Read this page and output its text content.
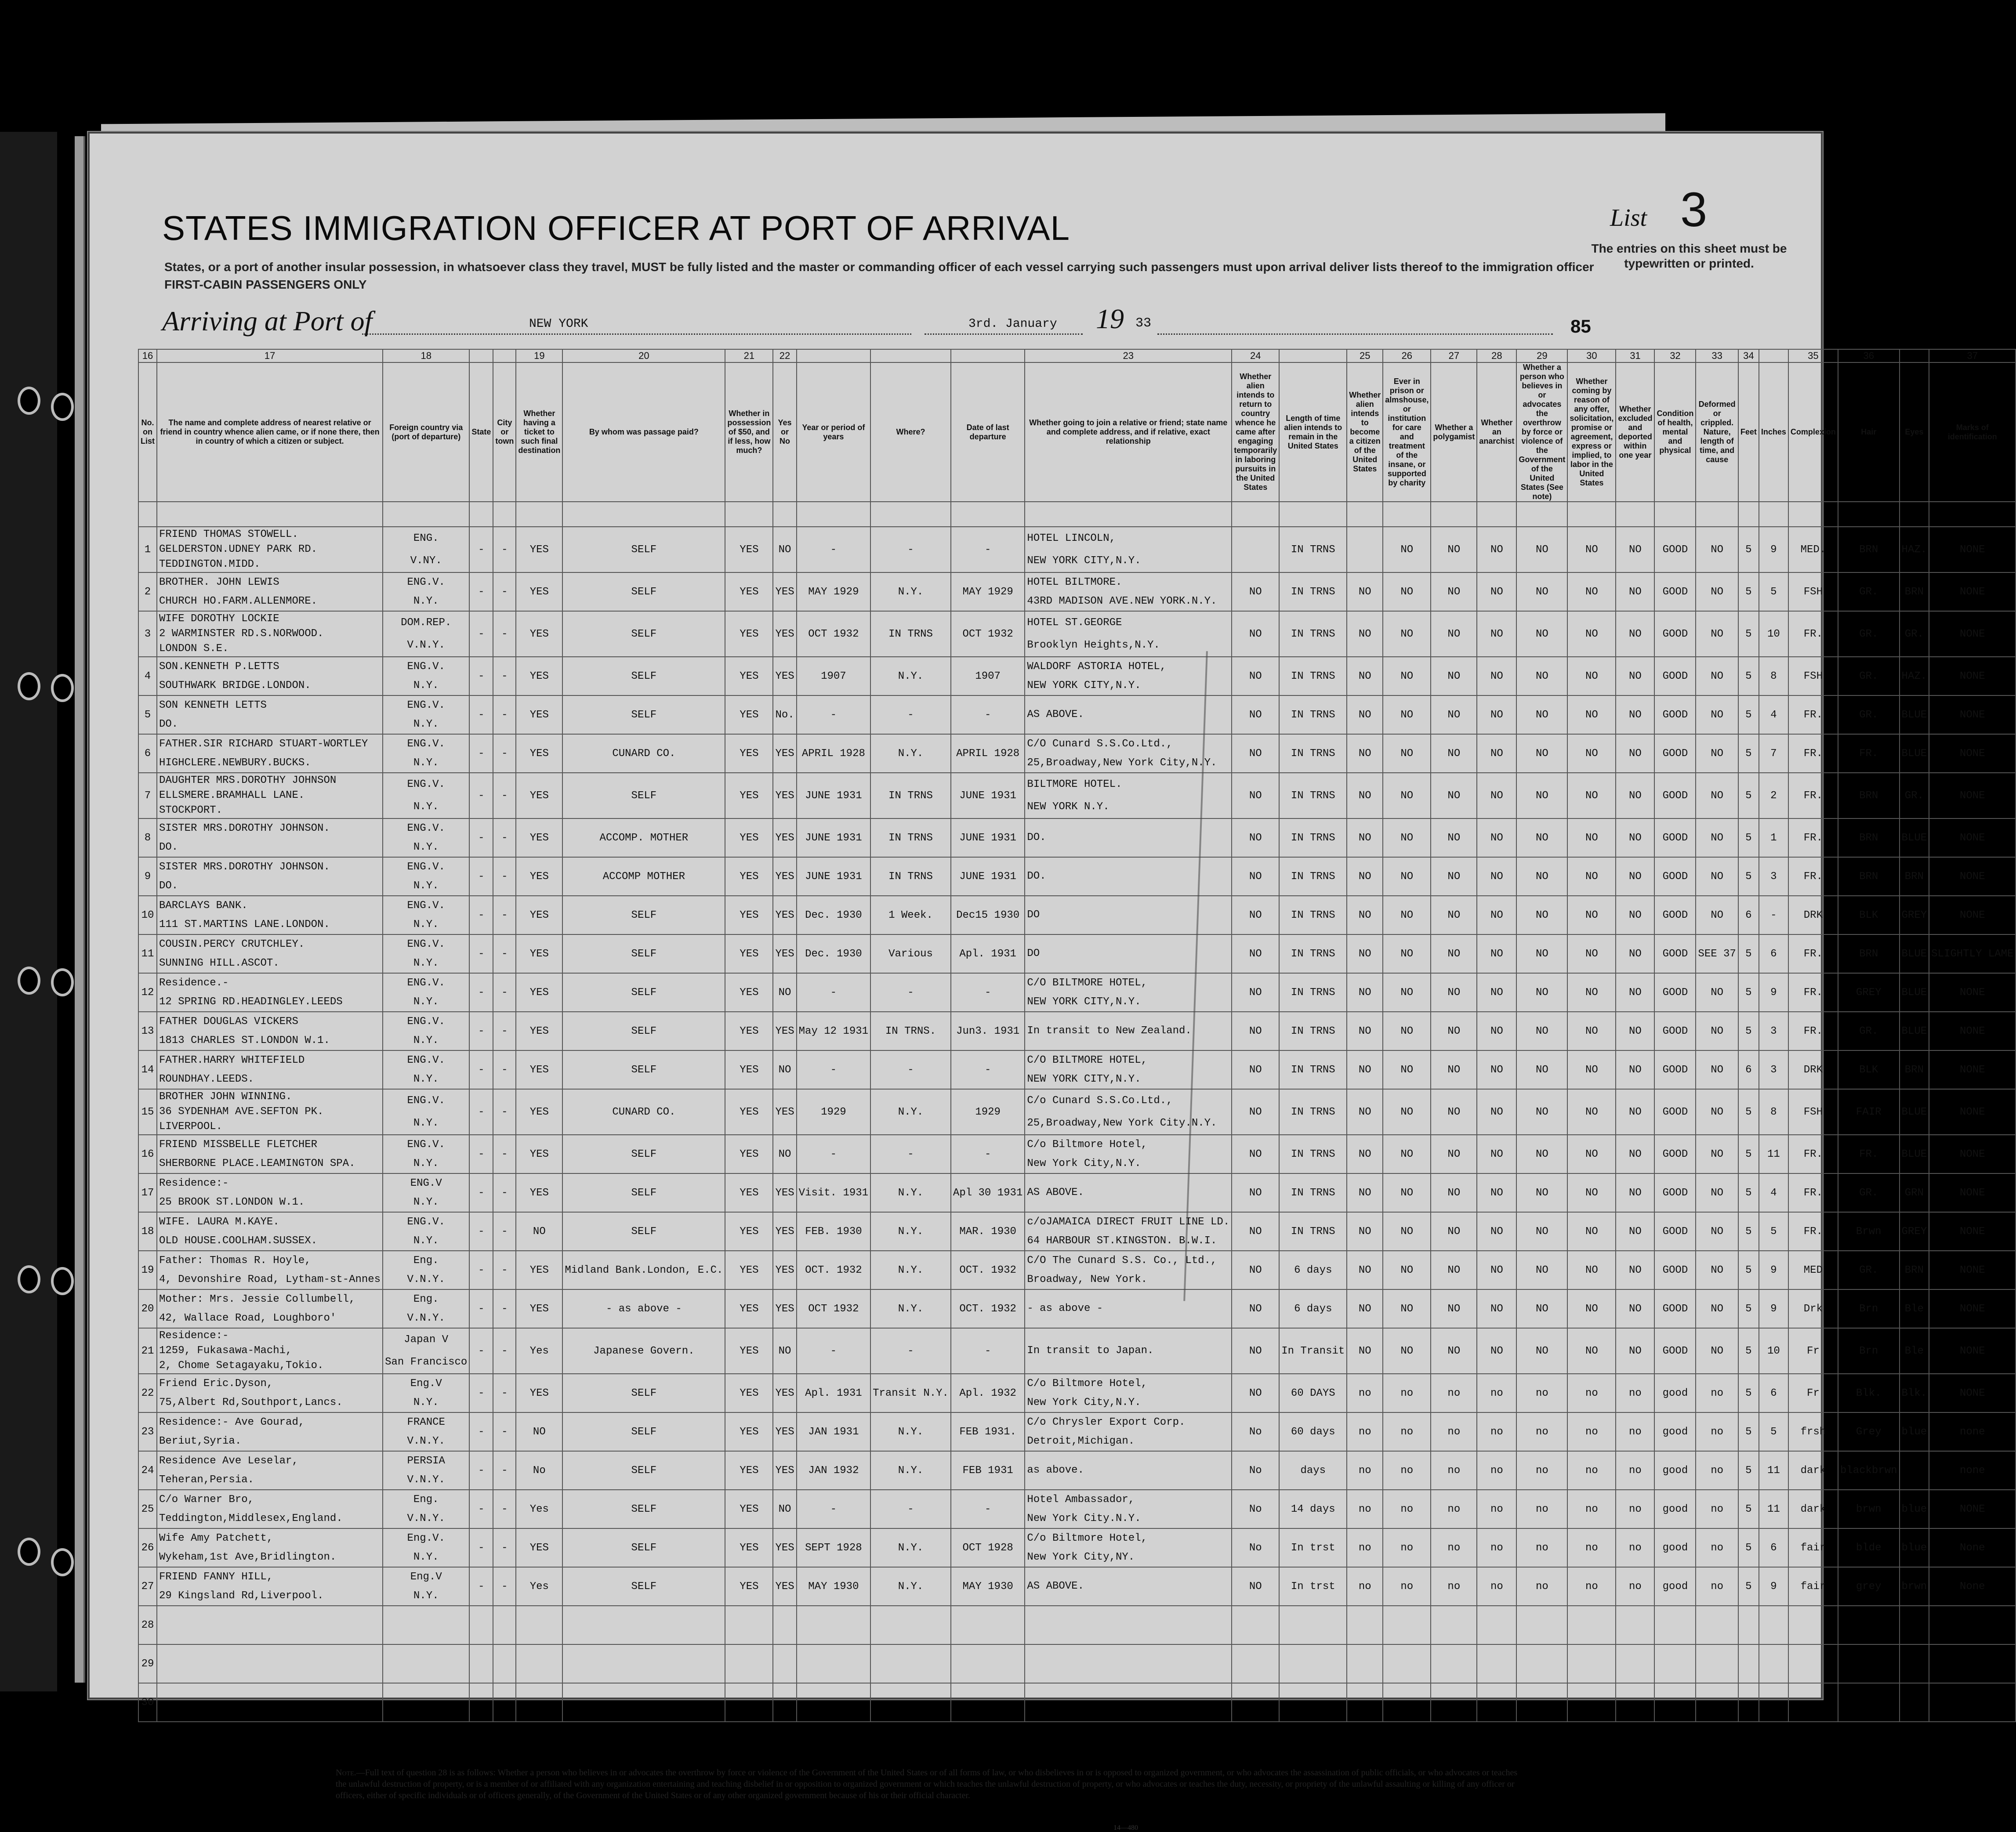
STATES IMMIGRATION OFFICER AT PORT OF ARRIVAL
States, or a port of another insular possession, in whatsoever class they travel, MUST be fully listed and the master or commanding officer of each vessel carrying such passengers must upon arrival deliver lists thereof to the immigration officer
FIRST-CABIN PASSENGERS ONLY
List 3
The entries on this sheet must be typewritten or printed.
Arriving at Port of	NEW YORK	3rd. January 19 33	85
16	17	18			19	20	21	22				23	24		25	26	27	28	29	30	31	32	33	34		35	36		37
No. on List	The name and complete address of nearest relative or friend in country whence alien came, or if none there, then in country of which a citizen or subject.	Foreign country via (port of departure)	State	City or town	Whether having a ticket to such final destination	By whom was passage paid?	Whether in possession of $50, and if less, how much?	Yes or No	Year or period of years	Where?	Date of last departure	Whether going to join a relative or friend; state name and complete address, and if relative, exact relationship	Whether alien intends to return to country whence he came after engaging temporarily in laboring pursuits in the United States	Length of time alien intends to remain in the United States	Whether alien intends to become a citizen of the United States	Ever in prison or almshouse, or institution for care and treatment of the insane, or supported by charity	Whether a polygamist	Whether an anarchist	Whether a person who believes in or advocates the overthrow by force or violence of the Government of the United States (See note)	Whether coming by reason of any offer, solicitation, promise or agreement, express or implied, to labor in the United States	Whether excluded and deported within one year	Condition of health, mental and physical	Deformed or crippled. Nature, length of time, and cause	Feet	Inches	Complexion	Hair	Eyes	Marks of identification

1	FRIEND THOMAS STOWELL.
GELDERSTON.UDNEY PARK RD.
TEDDINGTON.MIDD.	ENG.
V.NY.	-	-	YES	SELF	YES	NO	-	-	-	HOTEL LINCOLN,
NEW YORK CITY,N.Y.		IN TRNS		NO	NO	NO	NO	NO	NO	GOOD	NO	5	9	MED.	BRN	HAZ.	NONE
2	BROTHER. JOHN LEWIS
CHURCH HO.FARM.ALLENMORE.	ENG.V.
N.Y.	-	-	YES	SELF	YES	YES	MAY 1929	N.Y.	MAY 1929	HOTEL BILTMORE.
43RD MADISON AVE.NEW YORK.N.Y.	NO	IN TRNS	NO	NO	NO	NO	NO	NO	NO	GOOD	NO	5	5	FSH	GR.	BRN	NONE
3	WIFE DOROTHY LOCKIE
2 WARMINSTER RD.S.NORWOOD.
LONDON S.E.	DOM.REP.
V.N.Y.	-	-	YES	SELF	YES	YES	OCT 1932	IN TRNS	OCT 1932	HOTEL ST.GEORGE
Brooklyn Heights,N.Y.	NO	IN TRNS	NO	NO	NO	NO	NO	NO	NO	GOOD	NO	5	10	FR.	GR.	GR.	NONE
4	SON.KENNETH P.LETTS
SOUTHWARK BRIDGE.LONDON.	ENG.V.
N.Y.	-	-	YES	SELF	YES	YES	1907	N.Y.	1907	WALDORF ASTORIA HOTEL,
NEW YORK CITY,N.Y.	NO	IN TRNS	NO	NO	NO	NO	NO	NO	NO	GOOD	NO	5	8	FSH	GR.	HAZ.	NONE
5	SON KENNETH LETTS
DO.	ENG.V.
N.Y.	-	-	YES	SELF	YES	No.	-	-	-	AS ABOVE.	NO	IN TRNS	NO	NO	NO	NO	NO	NO	NO	GOOD	NO	5	4	FR.	GR.	BLUE	NONE
6	FATHER.SIR RICHARD STUART-WORTLEY
HIGHCLERE.NEWBURY.BUCKS.	ENG.V.
N.Y.	-	-	YES	CUNARD CO.	YES	YES	APRIL 1928	N.Y.	APRIL 1928	C/O Cunard S.S.Co.Ltd.,
25,Broadway,New York City,N.Y.	NO	IN TRNS	NO	NO	NO	NO	NO	NO	NO	GOOD	NO	5	7	FR.	FR.	BLUE	NONE
7	DAUGHTER MRS.DOROTHY JOHNSON
ELLSMERE.BRAMHALL LANE.
STOCKPORT.	ENG.V.
N.Y.	-	-	YES	SELF	YES	YES	JUNE 1931	IN TRNS	JUNE 1931	BILTMORE HOTEL.
NEW YORK N.Y.	NO	IN TRNS	NO	NO	NO	NO	NO	NO	NO	GOOD	NO	5	2	FR.	BRN	GR.	NONE
8	SISTER MRS.DOROTHY JOHNSON.
DO.	ENG.V.
N.Y.	-	-	YES	ACCOMP. MOTHER	YES	YES	JUNE 1931	IN TRNS	JUNE 1931	DO.	NO	IN TRNS	NO	NO	NO	NO	NO	NO	NO	GOOD	NO	5	1	FR.	BRN	BLUE	NONE
9	SISTER MRS.DOROTHY JOHNSON.
DO.	ENG.V.
N.Y.	-	-	YES	ACCOMP MOTHER	YES	YES	JUNE 1931	IN TRNS	JUNE 1931	DO.	NO	IN TRNS	NO	NO	NO	NO	NO	NO	NO	GOOD	NO	5	3	FR.	BRN	BRN	NONE
10	BARCLAYS BANK.
111 ST.MARTINS LANE.LONDON.	ENG.V.
N.Y.	-	-	YES	SELF	YES	YES	Dec. 1930	1 Week.	Dec15 1930	DO	NO	IN TRNS	NO	NO	NO	NO	NO	NO	NO	GOOD	NO	6	-	DRK	BLK	GREY	NONE
11	COUSIN.PERCY CRUTCHLEY.
SUNNING HILL.ASCOT.	ENG.V.
N.Y.	-	-	YES	SELF	YES	YES	Dec. 1930	Various	Apl. 1931	DO	NO	IN TRNS	NO	NO	NO	NO	NO	NO	NO	GOOD	SEE 37	5	6	FR.	BRN	BLUE	SLIGHTLY LAME
12	Residence.-
12 SPRING RD.HEADINGLEY.LEEDS	ENG.V.
N.Y.	-	-	YES	SELF	YES	NO	-	-	-	C/O BILTMORE HOTEL,
NEW YORK CITY,N.Y.	NO	IN TRNS	NO	NO	NO	NO	NO	NO	NO	GOOD	NO	5	9	FR.	GREY	BLUE	NONE
13	FATHER DOUGLAS VICKERS
1813 CHARLES ST.LONDON W.1.	ENG.V.
N.Y.	-	-	YES	SELF	YES	YES	May 12 1931	IN TRNS.	Jun3. 1931	In transit to New Zealand.	NO	IN TRNS	NO	NO	NO	NO	NO	NO	NO	GOOD	NO	5	3	FR.	GR.	BLUE	NONE
14	FATHER.HARRY WHITEFIELD
ROUNDHAY.LEEDS.	ENG.V.
N.Y.	-	-	YES	SELF	YES	NO	-	-	-	C/O BILTMORE HOTEL,
NEW YORK CITY,N.Y.	NO	IN TRNS	NO	NO	NO	NO	NO	NO	NO	GOOD	NO	6	3	DRK	BLK	BRN	NONE
15	BROTHER JOHN WINNING.
36 SYDENHAM AVE.SEFTON PK.
LIVERPOOL.	ENG.V.
N.Y.	-	-	YES	CUNARD CO.	YES	YES	1929	N.Y.	1929	C/o Cunard S.S.Co.Ltd.,
25,Broadway,New York City.N.Y.	NO	IN TRNS	NO	NO	NO	NO	NO	NO	NO	GOOD	NO	5	8	FSH	FAIR	BLUE	NONE
16	FRIEND MISSBELLE FLETCHER
SHERBORNE PLACE.LEAMINGTON SPA.	ENG.V.
N.Y.	-	-	YES	SELF	YES	NO	-	-	-	C/o Biltmore Hotel,
New York City,N.Y.	NO	IN TRNS	NO	NO	NO	NO	NO	NO	NO	GOOD	NO	5	11	FR.	FR.	BLUE	NONE
17	Residence:-
25 BROOK ST.LONDON W.1.	ENG.V
N.Y.	-	-	YES	SELF	YES	YES	Visit. 1931	N.Y.	Apl 30 1931	AS ABOVE.	NO	IN TRNS	NO	NO	NO	NO	NO	NO	NO	GOOD	NO	5	4	FR.	GR.	GRN	NONE
18	WIFE. LAURA M.KAYE.
OLD HOUSE.COOLHAM.SUSSEX.	ENG.V.
N.Y.	-	-	NO	SELF	YES	YES	FEB. 1930	N.Y.	MAR. 1930	c/oJAMAICA DIRECT FRUIT LINE LD.
64 HARBOUR ST.KINGSTON. B.W.I.	NO	IN TRNS	NO	NO	NO	NO	NO	NO	NO	GOOD	NO	5	5	FR.	Brwn	GREY	NONE
19	Father: Thomas R. Hoyle,
4, Devonshire Road, Lytham-st-Annes	Eng.
V.N.Y.	-	-	YES	Midland Bank.London, E.C.	YES	YES	OCT. 1932	N.Y.	OCT. 1932	C/O The Cunard S.S. Co., Ltd.,
Broadway, New York.	NO	6 days	NO	NO	NO	NO	NO	NO	NO	GOOD	NO	5	9	MED	GR.	BRN	NONE
20	Mother: Mrs. Jessie Collumbell,
42, Wallace Road, Loughboro'	Eng.
V.N.Y.	-	-	YES	- as above -	YES	YES	OCT 1932	N.Y.	OCT. 1932	- as above -	NO	6 days	NO	NO	NO	NO	NO	NO	NO	GOOD	NO	5	9	Drk	Brn	Ble	NONE
21	Residence:-
1259, Fukasawa-Machi,
2, Chome Setagayaku,Tokio.	Japan V
San Francisco	-	-	Yes	Japanese Govern.	YES	NO	-	-	-	In transit to Japan.	NO	In Transit	NO	NO	NO	NO	NO	NO	NO	GOOD	NO	5	10	Fr	Brn	Ble	NONE
22	Friend Eric.Dyson,
75,Albert Rd,Southport,Lancs.	Eng.V
N.Y.	-	-	YES	SELF	YES	YES	Apl. 1931	Transit N.Y.	Apl. 1932	C/o Biltmore Hotel,
New York City,N.Y.	NO	60 DAYS	no	no	no	no	no	no	no	good	no	5	6	Fr	Blk.	Blk.	NONE
23	Residence:- Ave Gourad,
Beriut,Syria.	FRANCE
V.N.Y.	-	-	NO	SELF	YES	YES	JAN 1931	N.Y.	FEB 1931.	C/o Chrysler Export Corp.
Detroit,Michigan.	No	60 days	no	no	no	no	no	no	no	good	no	5	5	frsh	Grey	blue	none
24	Residence Ave Leselar,
Teheran,Persia.	PERSIA
V.N.Y.	-	-	No	SELF	YES	YES	JAN 1932	N.Y.	FEB 1931	as above.	No	days	no	no	no	no	no	no	no	good	no	5	11	dark	blackbrwn		none
25	C/o Warner Bro,
Teddington,Middlesex,England.	Eng.
V.N.Y.	-	-	Yes	SELF	YES	NO	-	-	-	Hotel Ambassador,
New York City.N.Y.	No	14 days	no	no	no	no	no	no	no	good	no	5	11	dark	brwn	blue	NONE
26	Wife Amy Patchett,
Wykeham,1st Ave,Bridlington.	Eng.V.
N.Y.	-	-	YES	SELF	YES	YES	SEPT 1928	N.Y.	OCT 1928	C/o Biltmore Hotel,
New York City,NY.	No	In trst	no	no	no	no	no	no	no	good	no	5	6	fair	blde	blue	None
27	FRIEND FANNY HILL,
29 Kingsland Rd,Liverpool.	Eng.V
N.Y.	-	-	Yes	SELF	YES	YES	MAY 1930	N.Y.	MAY 1930	AS ABOVE.	NO	In trst	no	no	no	no	no	no	no	good	no	5	9	fair	grey	brwn	None
28	

29	

30	

Note.—Full text of question 28 is as follows: Whether a person who believes in or advocates the overthrow by force or violence of the Government of the United States or of all forms of law, or who disbelieves in or is opposed to organized government, or who advocates the assassination of public officials, or who advocates or teaches the unlawful destruction of property, or is a member of or affiliated with any organization entertaining and teaching disbelief in or opposition to organized government or which teaches the unlawful destruction of property, or who advocates or teaches the duty, necessity, or propriety of the unlawful assaulting or killing of any officer or officers, either of specific individuals or of officers generally, of the Government of the United States or of any other organized government because of his or their official character.
14—480
